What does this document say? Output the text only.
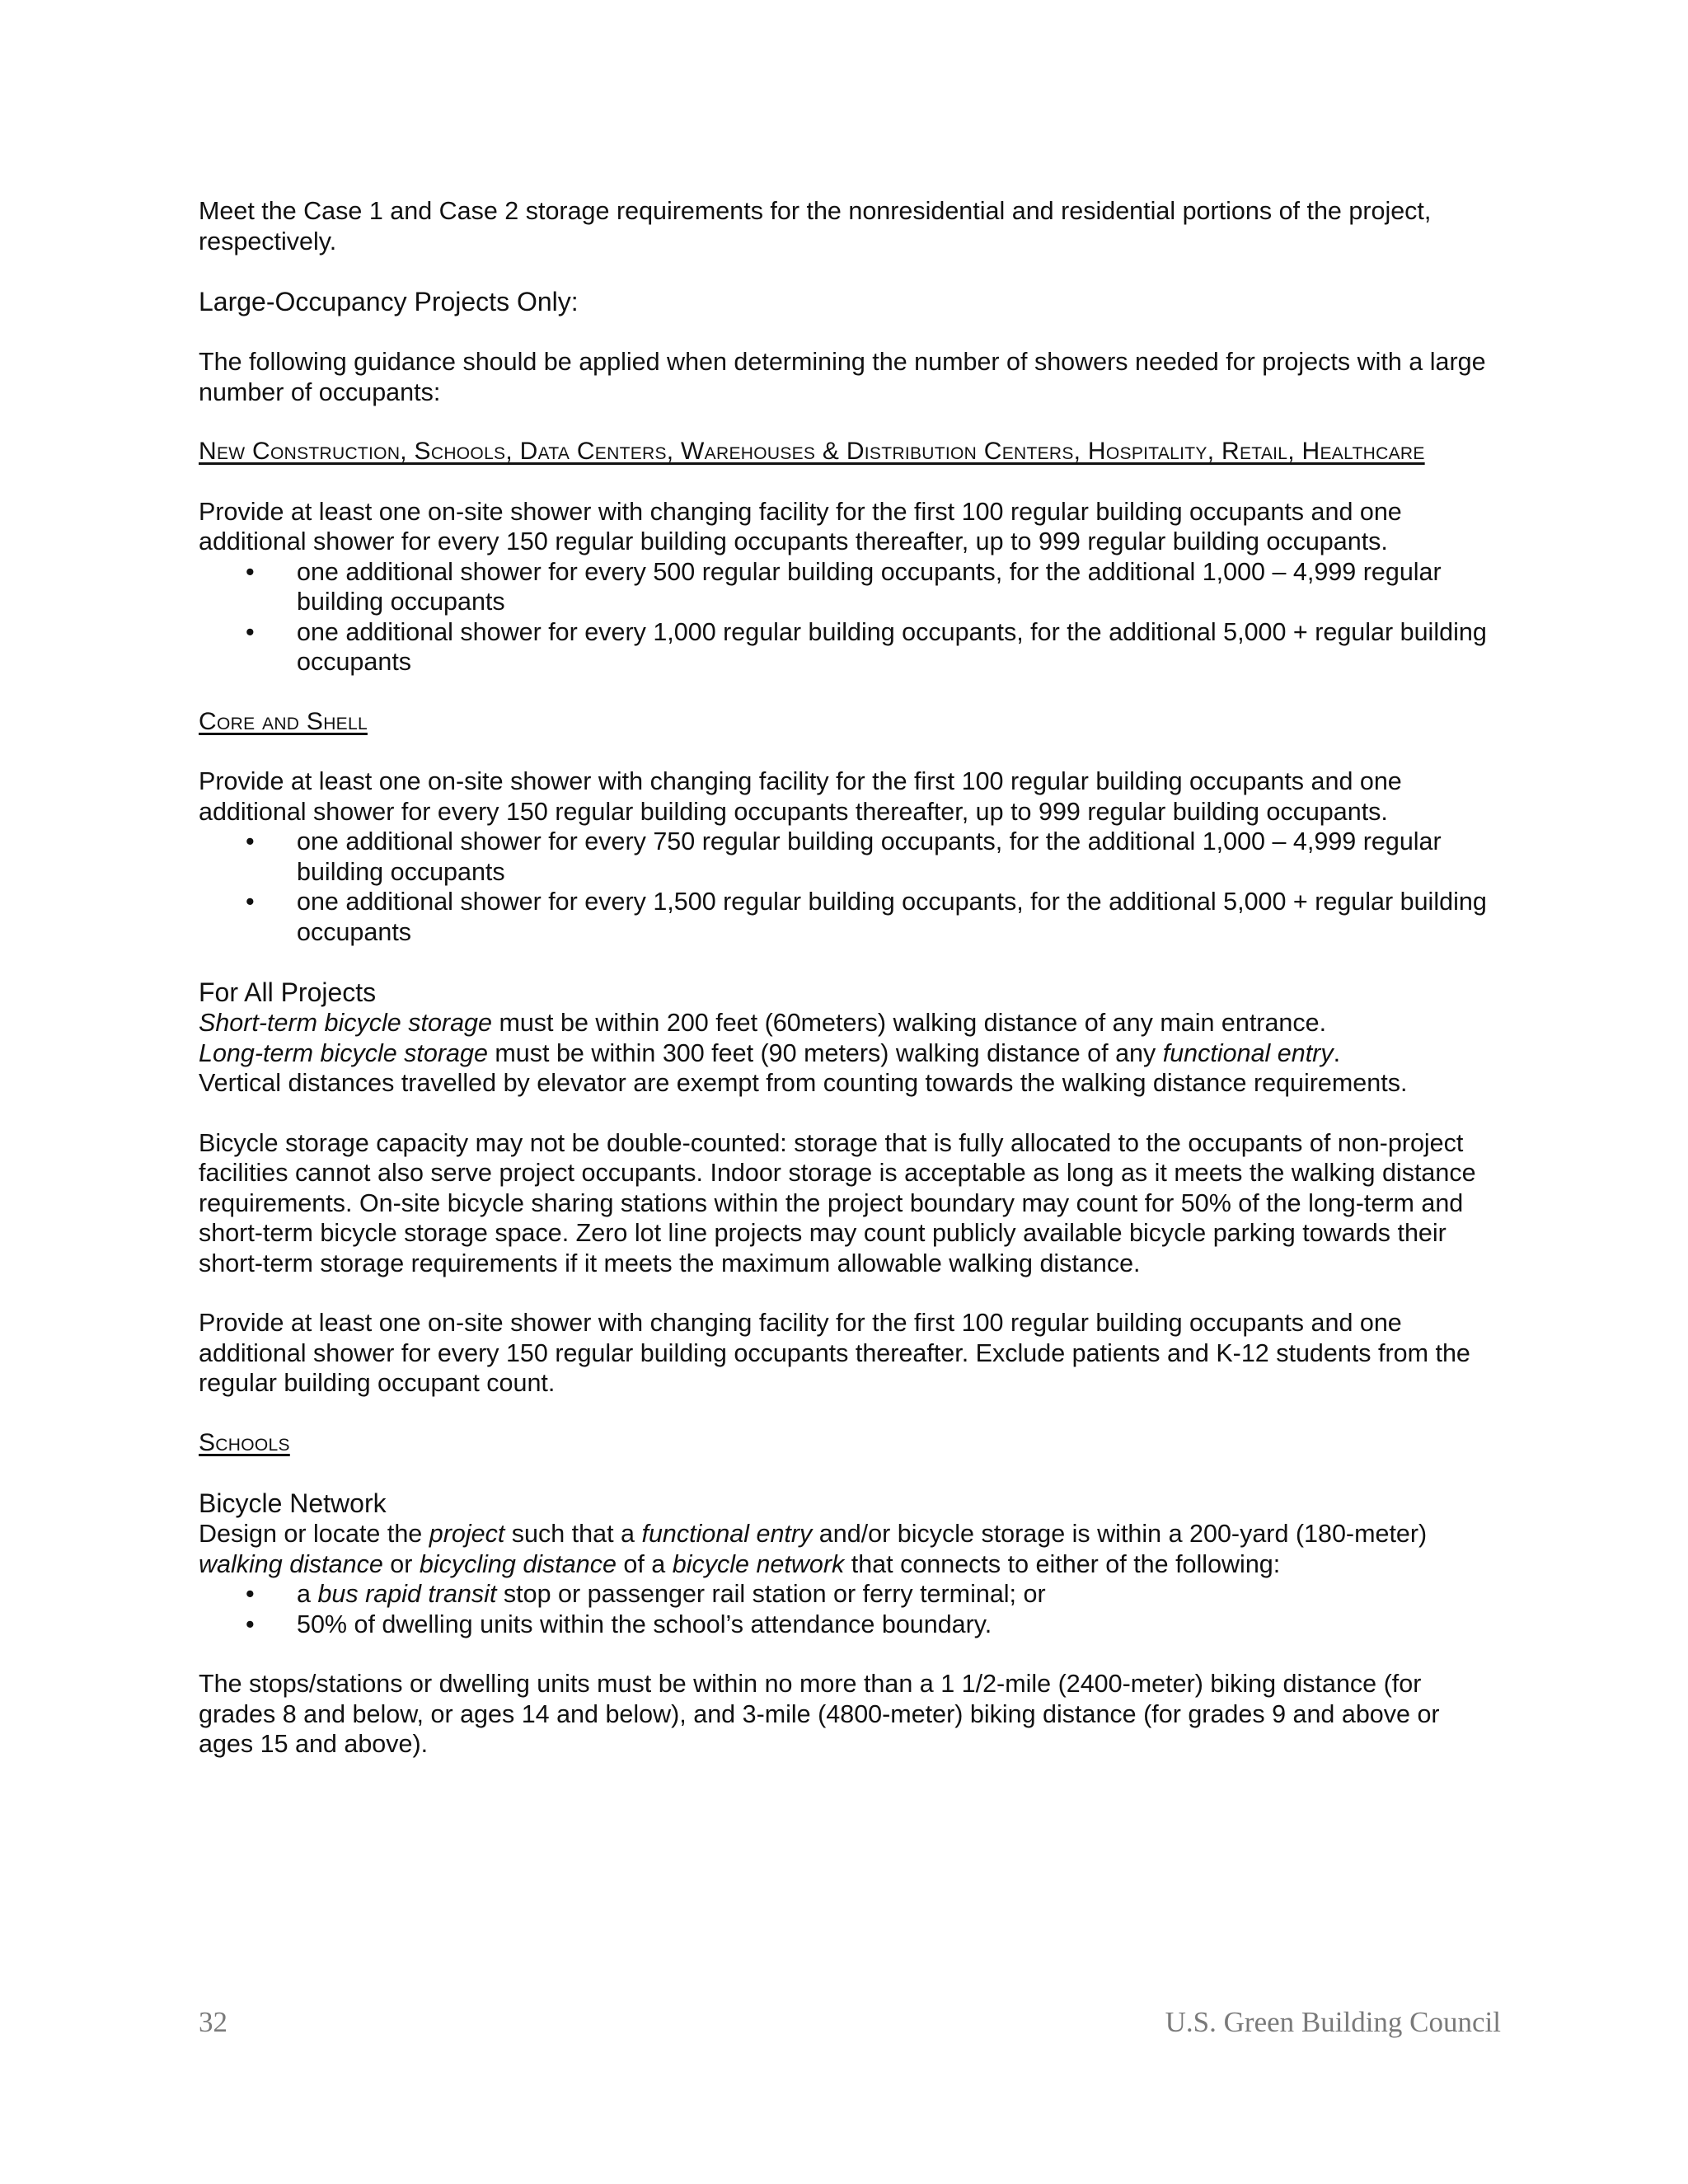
Meet the Case 1 and Case 2 storage requirements for the nonresidential and residential portions of the project, respectively.

Large-Occupancy Projects Only:

The following guidance should be applied when determining the number of showers needed for projects with a large number of occupants:

New Construction, Schools, Data Centers, Warehouses & Distribution Centers, Hospitality, Retail, Healthcare

Provide at least one on-site shower with changing facility for the first 100 regular building occupants and one additional shower for every 150 regular building occupants thereafter, up to 999 regular building occupants.

• one additional shower for every 500 regular building occupants, for the additional 1,000 – 4,999 regular building occupants
• one additional shower for every 1,000 regular building occupants, for the additional 5,000 + regular building occupants

Core and Shell

Provide at least one on-site shower with changing facility for the first 100 regular building occupants and one additional shower for every 150 regular building occupants thereafter, up to 999 regular building occupants.

• one additional shower for every 750 regular building occupants, for the additional 1,000 – 4,999 regular building occupants
• one additional shower for every 1,500 regular building occupants, for the additional 5,000 + regular building occupants

For All Projects

Short-term bicycle storage must be within 200 feet (60meters) walking distance of any main entrance.

Long-term bicycle storage must be within 300 feet (90 meters) walking distance of any functional entry.

Vertical distances travelled by elevator are exempt from counting towards the walking distance requirements.

Bicycle storage capacity may not be double-counted: storage that is fully allocated to the occupants of non-project facilities cannot also serve project occupants. Indoor storage is acceptable as long as it meets the walking distance requirements. On-site bicycle sharing stations within the project boundary may count for 50% of the long-term and short-term bicycle storage space. Zero lot line projects may count publicly available bicycle parking towards their short-term storage requirements if it meets the maximum allowable walking distance.

Provide at least one on-site shower with changing facility for the first 100 regular building occupants and one additional shower for every 150 regular building occupants thereafter. Exclude patients and K-12 students from the regular building occupant count.

Schools

Bicycle Network

Design or locate the project such that a functional entry and/or bicycle storage is within a 200-yard (180-meter) walking distance or bicycling distance of a bicycle network that connects to either of the following:

• a bus rapid transit stop or passenger rail station or ferry terminal; or
• 50% of dwelling units within the school’s attendance boundary.

The stops/stations or dwelling units must be within no more than a 1 1/2-mile (2400-meter) biking distance (for grades 8 and below, or ages 14 and below), and 3-mile (4800-meter) biking distance (for grades 9 and above or ages 15 and above).

32	U.S. Green Building Council
